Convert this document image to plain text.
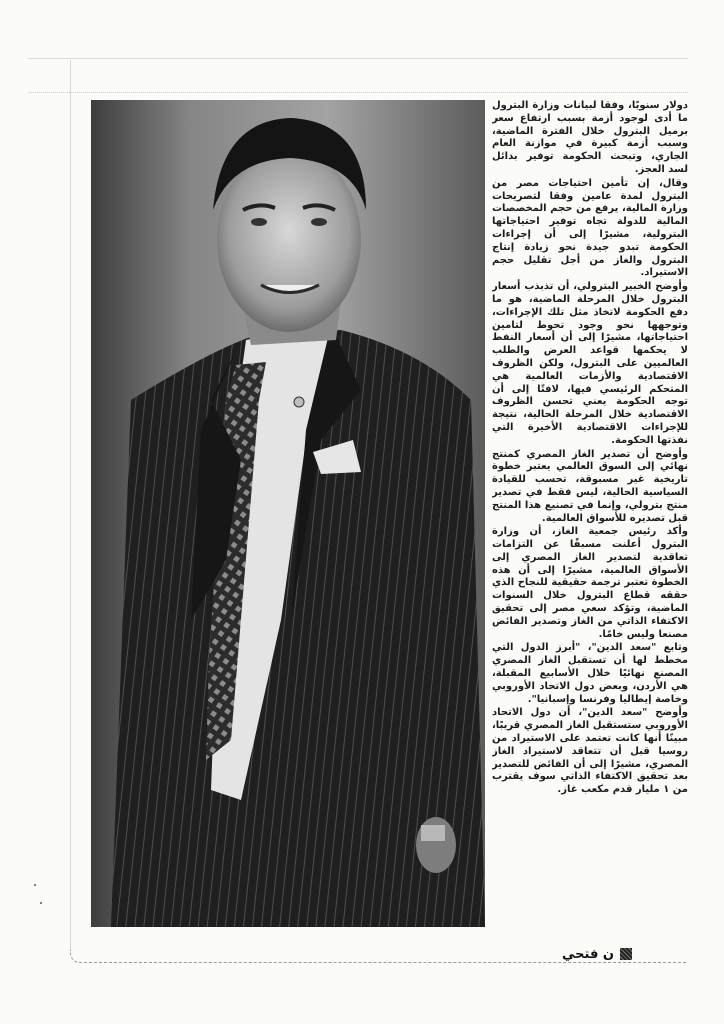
دولار سنويًا، وفقا لبيانات وزارة البترول ما أدى لوجود أزمة بسبب ارتفاع سعر برميل البترول خلال الفترة الماضية، وسبب أزمة كبيرة في موازنة العام الجاري، وتبحث الحكومة توفير بدائل لسد العجز.

وقال، إن تأمين احتياجات مصر من البترول لمدة عامين وفقا لتصريحات وزارة المالية، يرفع من حجم المخصصات المالية للدولة تجاه توفير احتياجاتها البترولية، مشيرًا إلى أن إجراءات الحكومة تبدو جيدة نحو زيادة إنتاج البترول والغاز من أجل تقليل حجم الاستيراد.

وأوضح الخبير البترولي، أن تذبذب أسعار البترول خلال المرحلة الماضية، هو ما دفع الحكومة لاتخاذ مثل تلك الإجراءات، وتوجهها نحو وجود تحوط لتامين احتياجاتها، مشيرًا إلى أن أسعار النفط لا يحكمها قواعد العرض والطلب العالميين على البترول، ولكن الظروف الاقتصادية والأزمات العالمية هي المتحكم الرئيسي فيها، لافتًا إلى أن توجه الحكومة يعني تحسن الظروف الاقتصادية خلال المرحلة الحالية، نتيجة للإجراءات الاقتصادية الأخيرة التي نفذتها الحكومة.

وأوضح أن تصدير الغاز المصري كمنتج نهائي إلى السوق العالمي يعتبر خطوة تاريخية غير مسبوقة، تحسب للقيادة السياسية الحالية، ليس فقط في تصدير منتج بترولي، وإنما في تصنيع هذا المنتج قبل تصديره للأسواق العالمية.

وأكد رئيس جمعية الغاز، أن وزارة البترول أعلنت مسبقًا عن التزامات تعاقدية لتصدير الغاز المصري إلى الأسواق العالمية، مشيرًا إلى أن هذه الخطوة تعتبر ترجمة حقيقية للنجاح الذي حققه قطاع البترول خلال السنوات الماضية، وتؤكد سعي مصر إلى تحقيق الاكتفاء الذاتي من الغاز وتصدير الفائض مصنعا وليس خامًا.

وتابع "سعد الدين"، "أبرز الدول التي مخطط لها أن تستقبل الغاز المصري المصنع نهائيًا خلال الأسابيع المقبلة، هي الأردن، وبعض دول الاتحاد الأوروبي وخاصة إيطاليا وفرنسا وإسبانيا".

وأوضح "سعد الدين"، أن دول الاتحاد الأوروبي ستستقبل الغاز المصري قريبًا، مبينًا أنها كانت تعتمد على الاستيراد من روسيا قبل أن تتعاقد لاستيراد الغاز المصري، مشيرًا إلى أن الفائض للتصدير بعد تحقيق الاكتفاء الذاتي سوف يقترب من ١ مليار قدم مكعب غاز.

ن فتحي
